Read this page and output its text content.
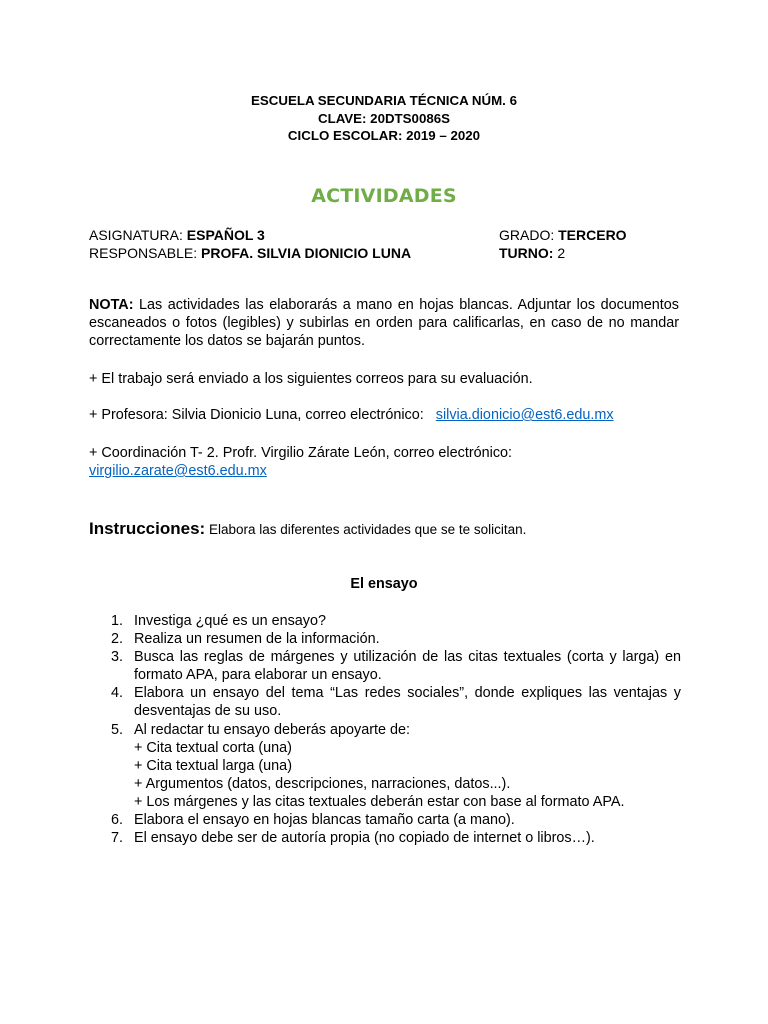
ESCUELA SECUNDARIA TÉCNICA NÚM. 6
CLAVE: 20DTS0086S
CICLO ESCOLAR: 2019 – 2020
ACTIVIDADES
ASIGNATURA: ESPAÑOL 3
RESPONSABLE: PROFA. SILVIA DIONICIO LUNA
GRADO: TERCERO
TURNO: 2
NOTA: Las actividades las elaborarás a mano en hojas blancas. Adjuntar los documentos escaneados o fotos (legibles) y subirlas en orden para calificarlas, en caso de no mandar correctamente los datos se bajarán puntos.
+ El trabajo será enviado a los siguientes correos para su evaluación.
+ Profesora: Silvia Dionicio Luna, correo electrónico:   silvia.dionicio@est6.edu.mx
+ Coordinación T- 2. Profr. Virgilio Zárate León, correo electrónico:
virgilio.zarate@est6.edu.mx
Instrucciones: Elabora las diferentes actividades que se te solicitan.
El ensayo
1. Investiga ¿qué es un ensayo?
2. Realiza un resumen de la información.
3. Busca las reglas de márgenes y utilización de las citas textuales (corta y larga) en formato APA, para elaborar un ensayo.
4. Elabora un ensayo del tema “Las redes sociales”, donde expliques las ventajas y desventajas de su uso.
5. Al redactar tu ensayo deberás apoyarte de:
+ Cita textual corta (una)
+ Cita textual larga (una)
+ Argumentos (datos, descripciones, narraciones, datos...).
+ Los márgenes y las citas textuales deberán estar con base al formato APA.
6. Elabora el ensayo en hojas blancas tamaño carta (a mano).
7. El ensayo debe ser de autoría propia (no copiado de internet o libros…).
